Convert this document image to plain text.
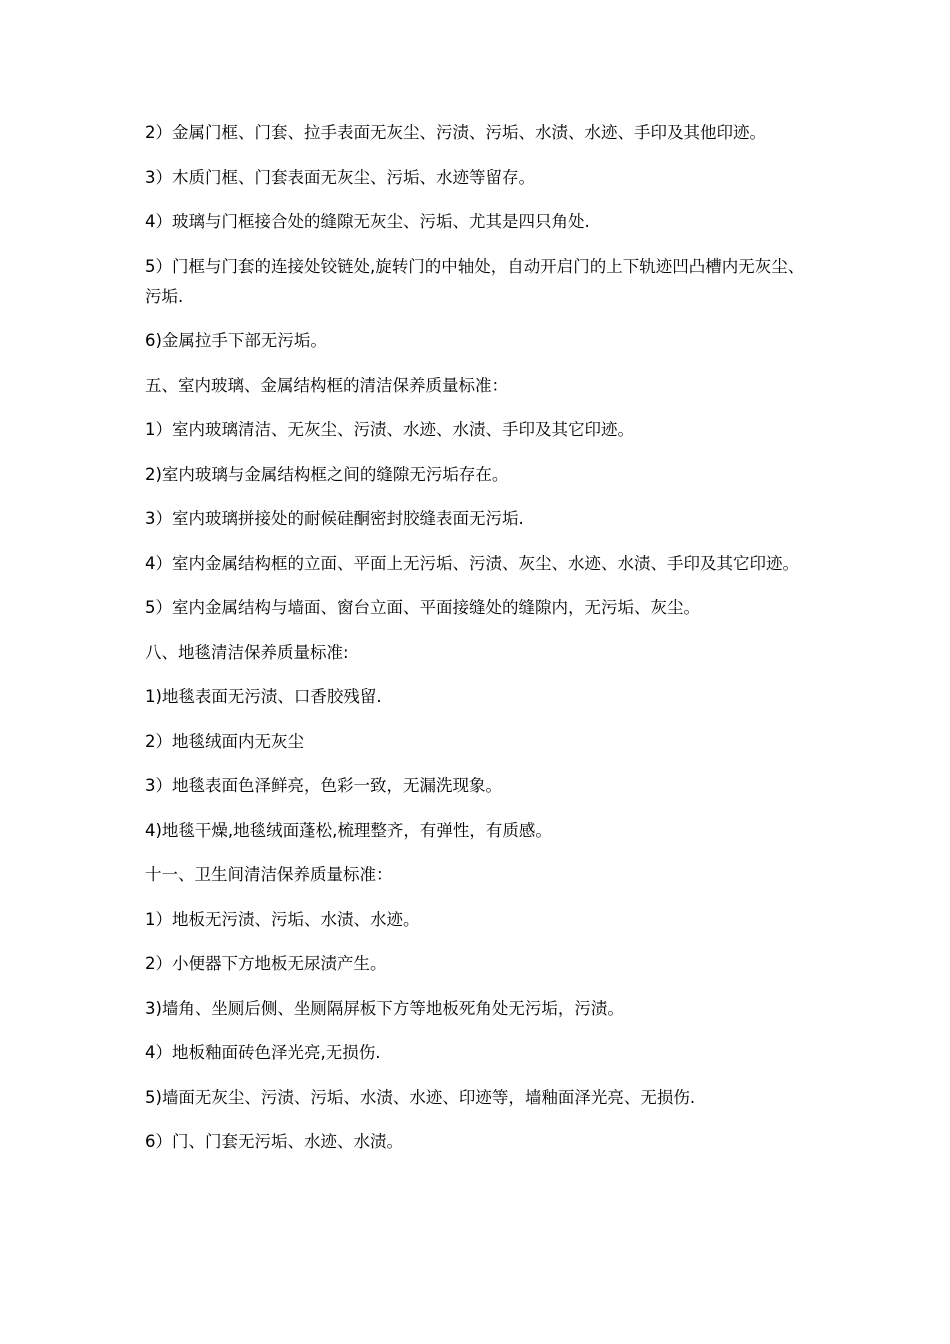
2）金属门框、门套、拉手表面无灰尘、污渍、污垢、水渍、水迹、手印及其他印迹。

3）木质门框、门套表面无灰尘、污垢、水迹等留存。

4）玻璃与门框接合处的缝隙无灰尘、污垢、尤其是四只角处.

5）门框与门套的连接处铰链处,旋转门的中轴处，自动开启门的上下轨迹凹凸槽内无灰尘、污垢.

6)金属拉手下部无污垢。

五、室内玻璃、金属结构框的清洁保养质量标准：

1）室内玻璃清洁、无灰尘、污渍、水迹、水渍、手印及其它印迹。

2)室内玻璃与金属结构框之间的缝隙无污垢存在。

3）室内玻璃拼接处的耐候硅酮密封胶缝表面无污垢.

4）室内金属结构框的立面、平面上无污垢、污渍、灰尘、水迹、水渍、手印及其它印迹。

5）室内金属结构与墙面、窗台立面、平面接缝处的缝隙内，无污垢、灰尘。

八、地毯清洁保养质量标准:

1)地毯表面无污渍、口香胶残留.

2）地毯绒面内无灰尘

3）地毯表面色泽鲜亮，色彩一致，无漏洗现象。

4)地毯干燥,地毯绒面蓬松,梳理整齐，有弹性，有质感。

十一、卫生间清洁保养质量标准：

1）地板无污渍、污垢、水渍、水迹。

2）小便器下方地板无尿渍产生。

3)墙角、坐厕后侧、坐厕隔屏板下方等地板死角处无污垢，污渍。

4）地板釉面砖色泽光亮,无损伤.

5)墙面无灰尘、污渍、污垢、水渍、水迹、印迹等，墙釉面泽光亮、无损伤.

6）门、门套无污垢、水迹、水渍。
